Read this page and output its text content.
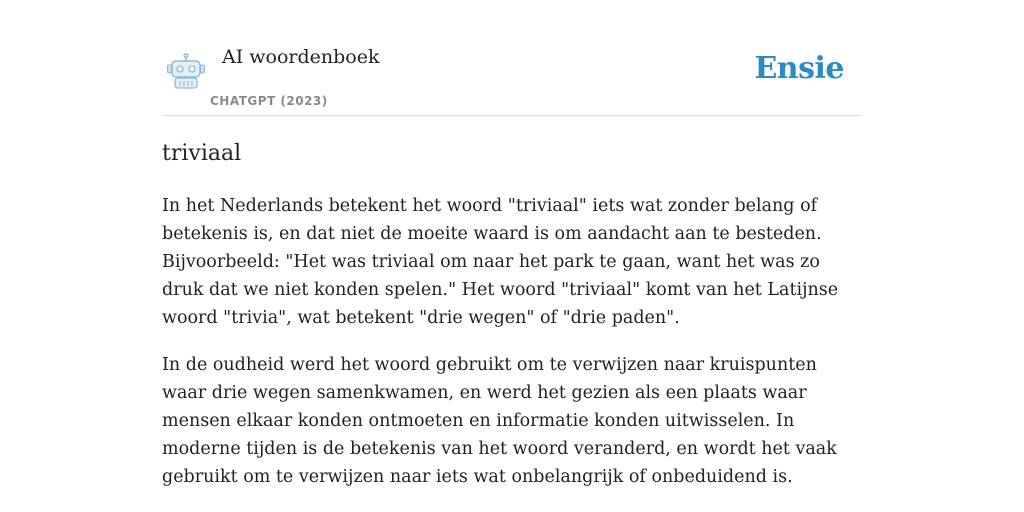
AI woordenboek
CHATGPT (2023)
Ensie
triviaal

In het Nederlands betekent het woord "triviaal" iets wat zonder belang of betekenis is, en dat niet de moeite waard is om aandacht aan te besteden. Bijvoorbeeld: "Het was triviaal om naar het park te gaan, want het was zo druk dat we niet konden spelen." Het woord "triviaal" komt van het Latijnse woord "trivia", wat betekent "drie wegen" of "drie paden".

In de oudheid werd het woord gebruikt om te verwijzen naar kruispunten waar drie wegen samenkwamen, en werd het gezien als een plaats waar mensen elkaar konden ontmoeten en informatie konden uitwisselen. In moderne tijden is de betekenis van het woord veranderd, en wordt het vaak gebruikt om te verwijzen naar iets wat onbelangrijk of onbeduidend is.
